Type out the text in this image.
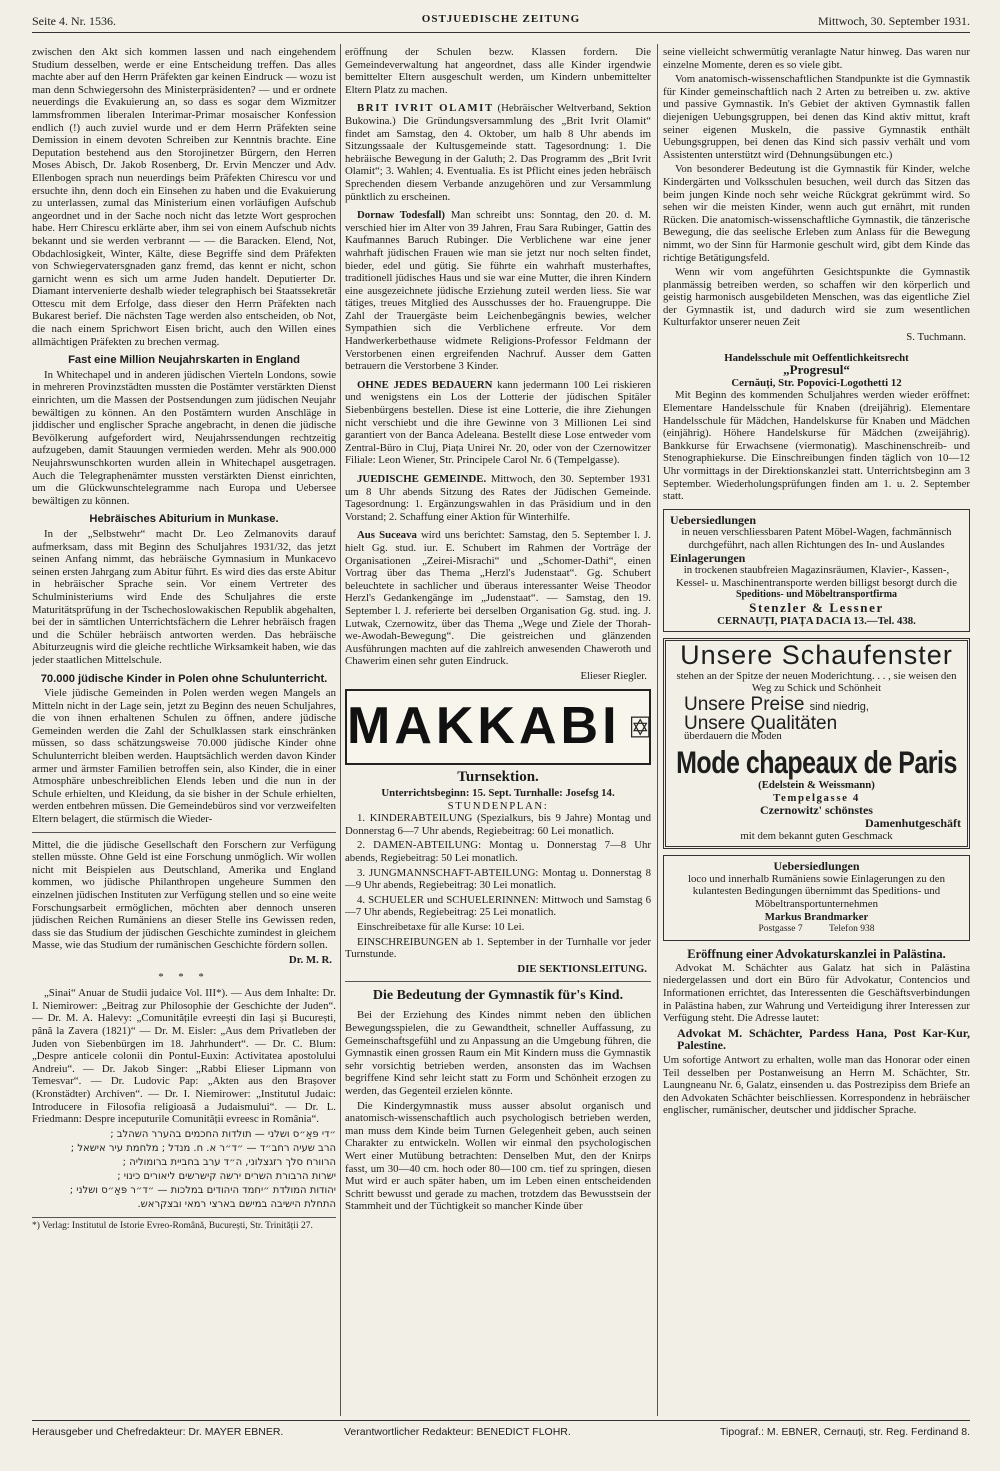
Seite 4. Nr. 1536.	OSTJUEDISCHE ZEITUNG	Mittwoch, 30. September 1931.

zwischen den Akt sich kommen lassen und nach eingehendem Studium desselben, werde er eine Entscheidung treffen. Das alles machte aber auf den Herrn Präfekten gar keinen Eindruck — wozu ist man denn Schwiegersohn des Ministerpräsidenten? — und er ordnete neuerdings die Evakuierung an, so dass es sogar dem Wizmitzer lammsfrommen liberalen Interimar-Primar mosaischer Konfession endlich (!) auch zuviel wurde und er dem Herrn Präfekten seine Demission in einem devoten Schreiben zur Kenntnis brachte. Eine Deputation bestehend aus den Storojinetzer Bürgern, den Herren Moses Abisch, Dr. Jakob Rosenberg, Dr. Ervin Menczer und Adv. Ellenbogen sprach nun neuerdings beim Präfekten Chirescu vor und ersuchte ihn, denn doch ein Einsehen zu haben und die Evakuierung zu unterlassen, zumal das Ministerium einen vorläufigen Aufschub angeordnet und in der Sache noch nicht das letzte Wort gesprochen habe. Herr Chirescu erklärte aber, ihm sei von einem Aufschub nichts bekannt und sie werden verbrannt — — die Baracken. Elend, Not, Obdachlosigkeit, Winter, Kälte, diese Begriffe sind dem Präfekten von Schwiegervatersgnaden ganz fremd, das kennt er nicht, schon garnicht wenn es sich um arme Juden handelt. Deputierter Dr. Diamant intervenierte deshalb wieder telegraphisch bei Staatssekretär Ottescu mit dem Erfolge, dass dieser den Herrn Präfekten nach Bukarest berief. Die nächsten Tage werden also entscheiden, ob Not, die nach einem Sprichwort Eisen bricht, auch den Willen eines allmächtigen Präfekten zu brechen vermag.

Fast eine Million Neujahrskarten in England

In Whitechapel und in anderen jüdischen Vierteln Londons, sowie in mehreren Provinzstädten mussten die Postämter verstärkten Dienst einrichten, um die Massen der Postsendungen zum jüdischen Neujahr bewältigen zu können. An den Postämtern wurden Anschläge in jiddischer und englischer Sprache angebracht, in denen die jüdische Bevölkerung aufgefordert wird, Neujahrssendungen rechtzeitig aufzugeben, damit Stauungen vermieden werden. Mehr als 900.000 Neujahrswunschkorten wurden allein in Whitechapel ausgetragen. Auch die Telegraphenämter mussten verstärkten Dienst einrichten, um die Glückwunschtelegramme nach Europa und Uebersee bewältigen zu können.

Hebräisches Abiturium in Munkase.

In der „Selbstwehr“ macht Dr. Leo Zelmanovits darauf aufmerksam, dass mit Beginn des Schuljahres 1931/32, das jetzt seinen Anfang nimmt, das hebräische Gymnasium in Munkacevo seinen ersten Jahrgang zum Abitur führt. Es wird dies das erste Abitur in hebräischer Sprache sein. Vor einem Vertreter des Schulministeriums wird Ende des Schuljahres die erste Maturitätsprüfung in der Tschechoslowakischen Republik abgehalten, bei der in sämtlichen Unterrichtsfächern die Lehrer hebräisch fragen und die Schüler hebräisch antworten werden. Das hebräische Abiturzeugnis wird die gleiche rechtliche Wirksamkeit haben, wie das jeder staatlichen Mittelschule.

70.000 jüdische Kinder in Polen ohne Schulunterricht.

Viele jüdische Gemeinden in Polen werden wegen Mangels an Mitteln nicht in der Lage sein, jetzt zu Beginn des neuen Schuljahres, die von ihnen erhaltenen Schulen zu öffnen, andere jüdische Gemeinden werden die Zahl der Schulklassen stark einschränken müssen, so dass schätzungsweise 70.000 jüdische Kinder ohne Schulunterricht bleiben werden. Hauptsächlich werden davon Kinder armer und ärmster Familien betroffen sein, also Kinder, die in einer Atmosphäre unbeschreiblichen Elends leben und die nun in der Schule erhielten, und Kleidung, da sie bisher in der Schule erhielten, werden entbehren müssen. Die Gemeindebüros sind vor verzweifelten Eltern belagert, die stürmisch die Wieder-

Mittel, die die jüdische Gesellschaft den Forschern zur Verfügung stellen müsste. Ohne Geld ist eine Forschung unmöglich. Wir wollen nicht mit Beispielen aus Deutschland, Amerika und England kommen, wo jüdische Philanthropen ungeheure Summen den einzelnen jüdischen Instituten zur Verfügung stellen und so eine weite Forschungsarbeit ermöglichen, möchten aber dennoch unseren jüdischen Reichen Rumäniens an dieser Stelle ins Gewissen reden, dass sie das Studium der jüdischen Geschichte zumindest in gleichem Masse, wie das Studium der rumänischen Geschichte fördern sollen.

Dr. M. R.
* * *

„Sinai“ Anuar de Studii judaice Vol. III*). — Aus dem Inhalte: Dr. I. Niemirower: „Beitrag zur Philosophie der Geschichte der Juden“. — Dr. M. A. Halevy: „Comunitățile evreești din Iași și București, până la Zavera (1821)“ — Dr. M. Eisler: „Aus dem Privatleben der Juden von Siebenbürgen im 18. Jahrhundert“. — Dr. C. Blum: „Despre anticele colonii din Pontul-Euxin: Activitatea apostolului Andreiu“. — Dr. Jakob Singer: „Rabbi Elieser Lipmann von Temesvar“. — Dr. Ludovic Pap: „Akten aus den Brașover (Kronstädter) Archiven“. — Dr. I. Niemirower: „Institutul Judaic: Introducere in Filosofia religioasă a Judaismului“. — Dr. L. Friedmann: Despre inceputurile Comunității evreesc in România“.

״די פּאַ״ס ושלני — תולדות החכמים בהערר השהלב ;
הרב שעיה רחב״ד — ״ד״ר א. ח. מנדל ; מלחמת עיר אישאל ;
הרוורח סלך רזגצלוני, ה״ד ערב בחביית ברומוליה ;
ישרות הרבורת השרים ירשה קישרשים ליאורים כינוי ;
יהודות המולדת ״יחמד היהודים במלכות — ״ד״ר פּאַ״ס ושלני ;
התחלת הישיבה במישם בארצי רמאי ובצקראש.

*) Verlag: Institutul de Istorie Evreo-Română, București, Str. Trinității 27.

eröffnung der Schulen bezw. Klassen fordern. Die Gemeindeverwaltung hat angeordnet, dass alle Kinder irgendwie bemittelter Eltern ausgeschult werden, um Kindern unbemittelter Eltern Platz zu machen.

BRIT IVRIT OLAMIT (Hebräischer Weltverband, Sektion Bukowina.) Die Gründungsversammlung des „Brit Ivrit Olamit“ findet am Samstag, den 4. Oktober, um halb 8 Uhr abends im Sitzungssaale der Kultusgemeinde statt. Tagesordnung: 1. Die hebräische Bewegung in der Galuth; 2. Das Programm des „Brit Ivrit Olamit“; 3. Wahlen; 4. Eventualia. Es ist Pflicht eines jeden hebräisch Sprechenden diesem Verbande anzugehören und zur Versammlung pünktlich zu erscheinen.

Dornaw Todesfall) Man schreibt uns: Sonntag, den 20. d. M. verschied hier im Alter von 39 Jahren, Frau Sara Rubinger, Gattin des Kaufmannes Baruch Rubinger. Die Verblichene war eine jener wahrhaft jüdischen Frauen wie man sie jetzt nur noch selten findet, bieder, edel und gütig. Sie führte ein wahrhaft musterhaftes, traditionell jüdisches Haus und sie war eine Mutter, die ihren Kindern eine ausgezeichnete jüdische Erziehung zuteil werden liess. Sie war tätiges, treues Mitglied des Ausschusses der ho. Frauengruppe. Die Zahl der Trauergäste beim Leichenbegängnis bewies, welcher Sympathien sich die Verblichene erfreute. Vor dem Handwerkerbethause widmete Religions-Professor Feldmann der Verstorbenen einen ergreifenden Nachruf. Ausser dem Gatten betrauern die Verstorbene 3 Kinder.

OHNE JEDES BEDAUERN kann jedermann 100 Lei riskieren und wenigstens ein Los der Lotterie der jüdischen Spitäler Siebenbürgens bestellen. Diese ist eine Lotterie, die ihre Ziehungen nicht verschiebt und die ihre Gewinne von 3 Millionen Lei sind garantiert von der Banca Adeleana. Bestellt diese Lose entweder vom Zentral-Büro in Cluj, Piața Unirei Nr. 20, oder von der Czernowitzer Filiale: Leon Wiener, Str. Principele Carol Nr. 6 (Tempelgasse).

JUEDISCHE GEMEINDE. Mittwoch, den 30. September 1931 um 8 Uhr abends Sitzung des Rates der Jüdischen Gemeinde. Tagesordnung: 1. Ergänzungswahlen in das Präsidium und in den Vorstand; 2. Schaffung einer Aktion für Winterhilfe.

Aus Suceava wird uns berichtet: Samstag, den 5. September l. J. hielt Gg. stud. iur. E. Schubert im Rahmen der Vorträge der Organisationen „Zeirei-Misrachi“ und „Schomer-Dathi“, einen Vortrag über das Thema „Herzl's Judenstaat“. Gg. Schubert beleuchtete in sachlicher und überaus interessanter Weise Theodor Herzl's Gedankengänge im „Judenstaat“. — Samstag, den 19. September l. J. referierte bei derselben Organisation Gg. stud. ing. J. Lutwak, Czernowitz, über das Thema „Wege und Ziele der Thorah-we-Awodah-Bewegung“. Die geistreichen und glänzenden Ausführungen machten auf die zahlreich anwesenden Chaweroth und Chawerim einen sehr guten Eindruck.

Elieser Riegler.
MAKKABI
Turnsektion.
Unterrichtsbeginn: 15. Sept. Turnhalle: Josefsg 14.
STUNDENPLAN:

1. KINDERABTEILUNG (Spezialkurs, bis 9 Jahre) Montag und Donnerstag 6—7 Uhr abends, Regiebeitrag: 60 Lei monatlich.

2. DAMEN-ABTEILUNG: Montag u. Donnerstag 7—8 Uhr abends, Regiebeitrag: 50 Lei monatlich.

3. JUNGMANNSCHAFT-ABTEILUNG: Montag u. Donnerstag 8—9 Uhr abends, Regiebeitrag: 30 Lei monatlich.

4. SCHUELER und SCHUELERINNEN: Mittwoch und Samstag 6—7 Uhr abends, Regiebeitrag: 25 Lei monatlich.

Einschreibetaxe für alle Kurse: 10 Lei.

EINSCHREIBUNGEN ab 1. September in der Turnhalle vor jeder Turnstunde.

DIE SEKTIONSLEITUNG.
Die Bedeutung der Gymnastik für's Kind.

Bei der Erziehung des Kindes nimmt neben den üblichen Bewegungsspielen, die zu Gewandtheit, schneller Auffassung, zu Gemeinschaftsgefühl und zu Anpassung an die Umgebung führen, die Gymnastik einen grossen Raum ein Mit Kindern muss die Gymnastik sehr vorsichtig betrieben werden, ansonsten das im Wachsen begriffene Kind sehr leicht statt zu Form und Schönheit erzogen zu werden, das Gegenteil erzielen könnte.

Die Kindergymnastik muss ausser absolut organisch und anatomisch-wissenschaftlich auch psychologisch betrieben werden, man muss dem Kinde beim Turnen Gelegenheit geben, auch seinen Charakter zu entwickeln. Wollen wir einmal den psychologischen Wert einer Mutübung betrachten: Denselben Mut, den der Knirps fasst, um 30—40 cm. hoch oder 80—100 cm. tief zu springen, diesen Mut wird er auch später haben, um im Leben einen entscheidenden Schritt bewusst und gerade zu machen, trotzdem das Bewusstsein der Stammheit und der Tüchtigkeit so mancher Kinde über

seine vielleicht schwermütig veranlagte Natur hinweg. Das waren nur einzelne Momente, deren es so viele gibt.

Vom anatomisch-wissenschaftlichen Standpunkte ist die Gymnastik für Kinder gemeinschaftlich nach 2 Arten zu betreiben u. zw. aktive und passive Gymnastik. In's Gebiet der aktiven Gymnastik fallen diejenigen Uebungsgruppen, bei denen das Kind aktiv mittut, kraft seiner eigenen Muskeln, die passive Gymnastik enthält Uebungsgruppen, bei denen das Kind sich passiv verhält und vom Assistenten unterstützt wird (Dehnungsübungen etc.)

Von besonderer Bedeutung ist die Gymnastik für Kinder, welche Kindergärten und Volksschulen besuchen, weil durch das Sitzen das beim jungen Kinde noch sehr weiche Rückgrat gekrümmt wird. So sehen wir die meisten Kinder, wenn auch gut ernährt, mit runden Rücken. Die anatomisch-wissenschaftliche Gymnastik, die tänzerische Bewegung, die das seelische Erleben zum Anlass für die Bewegung nimmt, wo der Sinn für Harmonie geschult wird, gibt dem Kinde das richtige Betätigungsfeld.

Wenn wir vom angeführten Gesichtspunkte die Gymnastik planmässig betreiben werden, so schaffen wir den körperlich und geistig harmonisch ausgebildeten Menschen, was das eigentliche Ziel der Gymnastik ist, und dadurch wird sie zum wesentlichen Kulturfaktor unserer neuen Zeit

S. Tuchmann.
Handelsschule mit Oeffentlichkeitsrecht
„Progresul“
Cernăuți, Str. Popovici-Logothetti 12

Mit Beginn des kommenden Schuljahres werden wieder eröffnet: Elementare Handelsschule für Knaben (dreijährig). Elementare Handelsschule für Mädchen, Handelskurse für Knaben und Mädchen (einjährig). Höhere Handelskurse für Mädchen (zweijährig). Bankkurse für Erwachsene (viermonatig). Maschinenschreib- und Stenographiekurse. Die Einschreibungen finden täglich von 10—12 Uhr vormittags in der Direktionskanzlei statt. Unterrichtsbeginn am 3 September. Wiederholungsprüfungen finden am 1. u. 2. September statt.

Uebersiedlungen
in neuen verschliessbaren Patent Möbel-Wagen, fachmännisch durchgeführt, nach allen Richtungen des In- und Auslandes
Einlagerungen
in trockenen staubfreien Magazinsräumen, Klavier-, Kassen-, Kessel- u. Maschinentransporte werden billigst besorgt durch die
Speditions- und Möbeltransportfirma
Stenzler & Lessner
CERNAUȚI, PIAȚA DACIA 13.—Tel. 438.
Unsere Schaufenster
stehen an der Spitze der neuen Moderichtung. . . , sie weisen den Weg zu Schick und Schönheit
Unsere Preise sind niedrig,
Unsere Qualitäten
überdauern die Moden
Mode chapeaux de Paris
(Edelstein & Weissmann)
Tempelgasse 4
Czernowitz' schönstes
Damenhutgeschäft
mit dem bekannt guten Geschmack
Uebersiedlungen
loco und innerhalb Rumäniens sowie Einlagerungen zu den kulantesten Bedingungen übernimmt das Speditions- und Möbeltransportunternehmen
Markus Brandmarker
Postgasse 7	Telefon 938
Eröffnung einer Advokaturskanzlei in Palästina.

Advokat M. Schächter aus Galatz hat sich in Palästina niedergelassen und dort ein Büro für Advokatur, Contencios und Informationen errichtet, das Interessenten die Geschäftsverbindungen in Palästina haben, zur Wahrung und Verteidigung ihrer Interessen zur Verfügung steht. Die Adresse lautet:

Advokat M. Schächter, Pardess Hana, Post Kar-Kur, Palestine.

Um sofortige Antwort zu erhalten, wolle man das Honorar oder einen Teil desselben per Postanweisung an Herrn M. Schächter, Str. Laungneanu Nr. 6, Galatz, einsenden u. das Postrezipiss dem Briefe an den Advokaten Schächter beischliessen. Korrespondenz in hebräischer englischer, rumänischer, deutscher und jiddischer Sprache.

Herausgeber und Chefredakteur: Dr. MAYER EBNER.	Verantwortlicher Redakteur: BENEDICT FLOHR.	Tipograf.: M. EBNER, Cernauți, str. Reg. Ferdinand 8.
